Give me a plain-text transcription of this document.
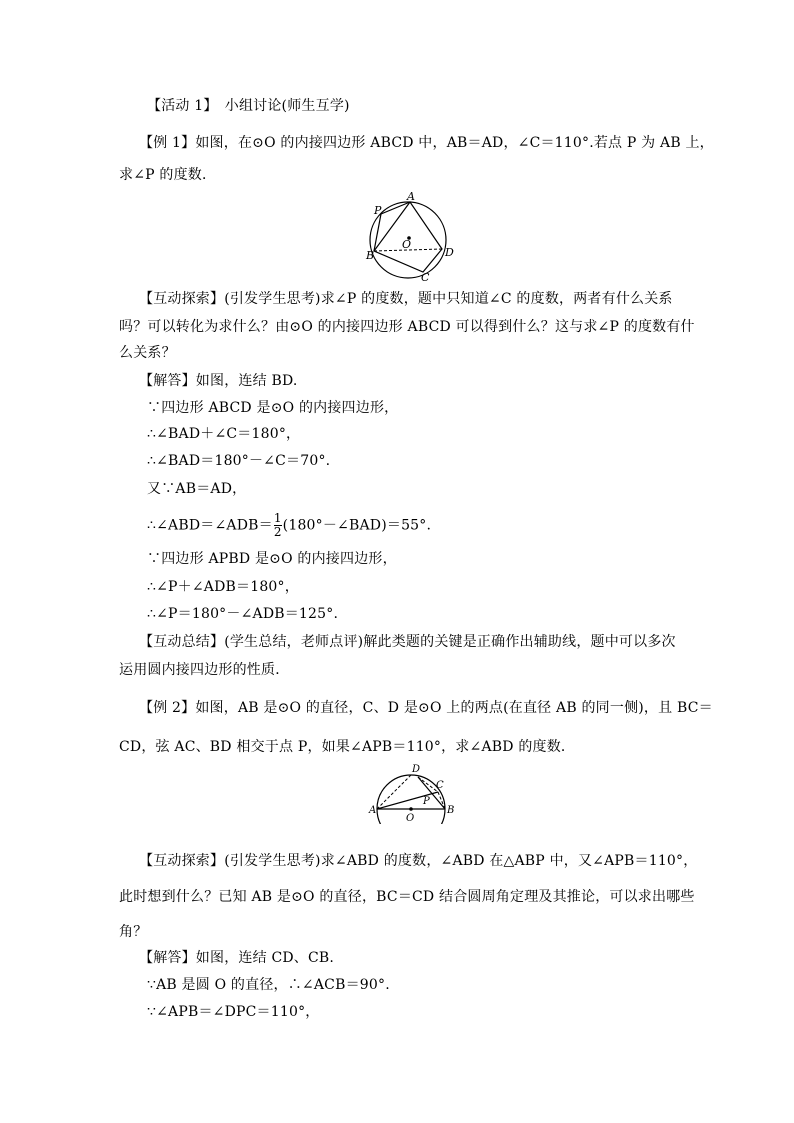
【活动 1】　小组讨论(师生互学)
【例 1】如图，在⊙O 的内接四边形 ABCD 中，AB＝AD，∠C＝110°.若点 P 为 AB 上，
求∠P 的度数．
A
P
O
B	D
C
【互动探索】(引发学生思考)求∠P 的度数，题中只知道∠C 的度数，两者有什么关系
吗？可以转化为求什么？由⊙O 的内接四边形 ABCD 可以得到什么？这与求∠P 的度数有什
么关系？
【解答】如图，连结 BD.
∵四边形 ABCD 是⊙O 的内接四边形，
∴∠BAD＋∠C＝180°，
∴∠BAD＝180°－∠C＝70°.
又∵AB＝AD，
∴∠ABD＝∠ADB＝ $\frac{1}{2}$ (180°－∠BAD)＝55°.
∵四边形 APBD 是⊙O 的内接四边形，
∴∠P＋∠ADB＝180°，
∴∠P＝180°－∠ADB＝125°.
【互动总结】(学生总结，老师点评)解此类题的关键是正确作出辅助线，题中可以多次
运用圆内接四边形的性质．
【例 2】如图，AB 是⊙O 的直径，C、D 是⊙O 上的两点(在直径 AB 的同一侧)，且 BC＝
CD，弦 AC、BD 相交于点 P，如果∠APB＝110°，求∠ABD 的度数．
D
C
P
A	B
O
【互动探索】(引发学生思考)求∠ABD 的度数，∠ABD 在△ABP 中，又∠APB＝110°，
此时想到什么？已知 AB 是⊙O 的直径，BC＝CD 结合圆周角定理及其推论，可以求出哪些
角？
【解答】如图，连结 CD、CB.
∵AB 是圆 O 的直径，∴∠ACB＝90°.
∵∠APB＝∠DPC＝110°，
